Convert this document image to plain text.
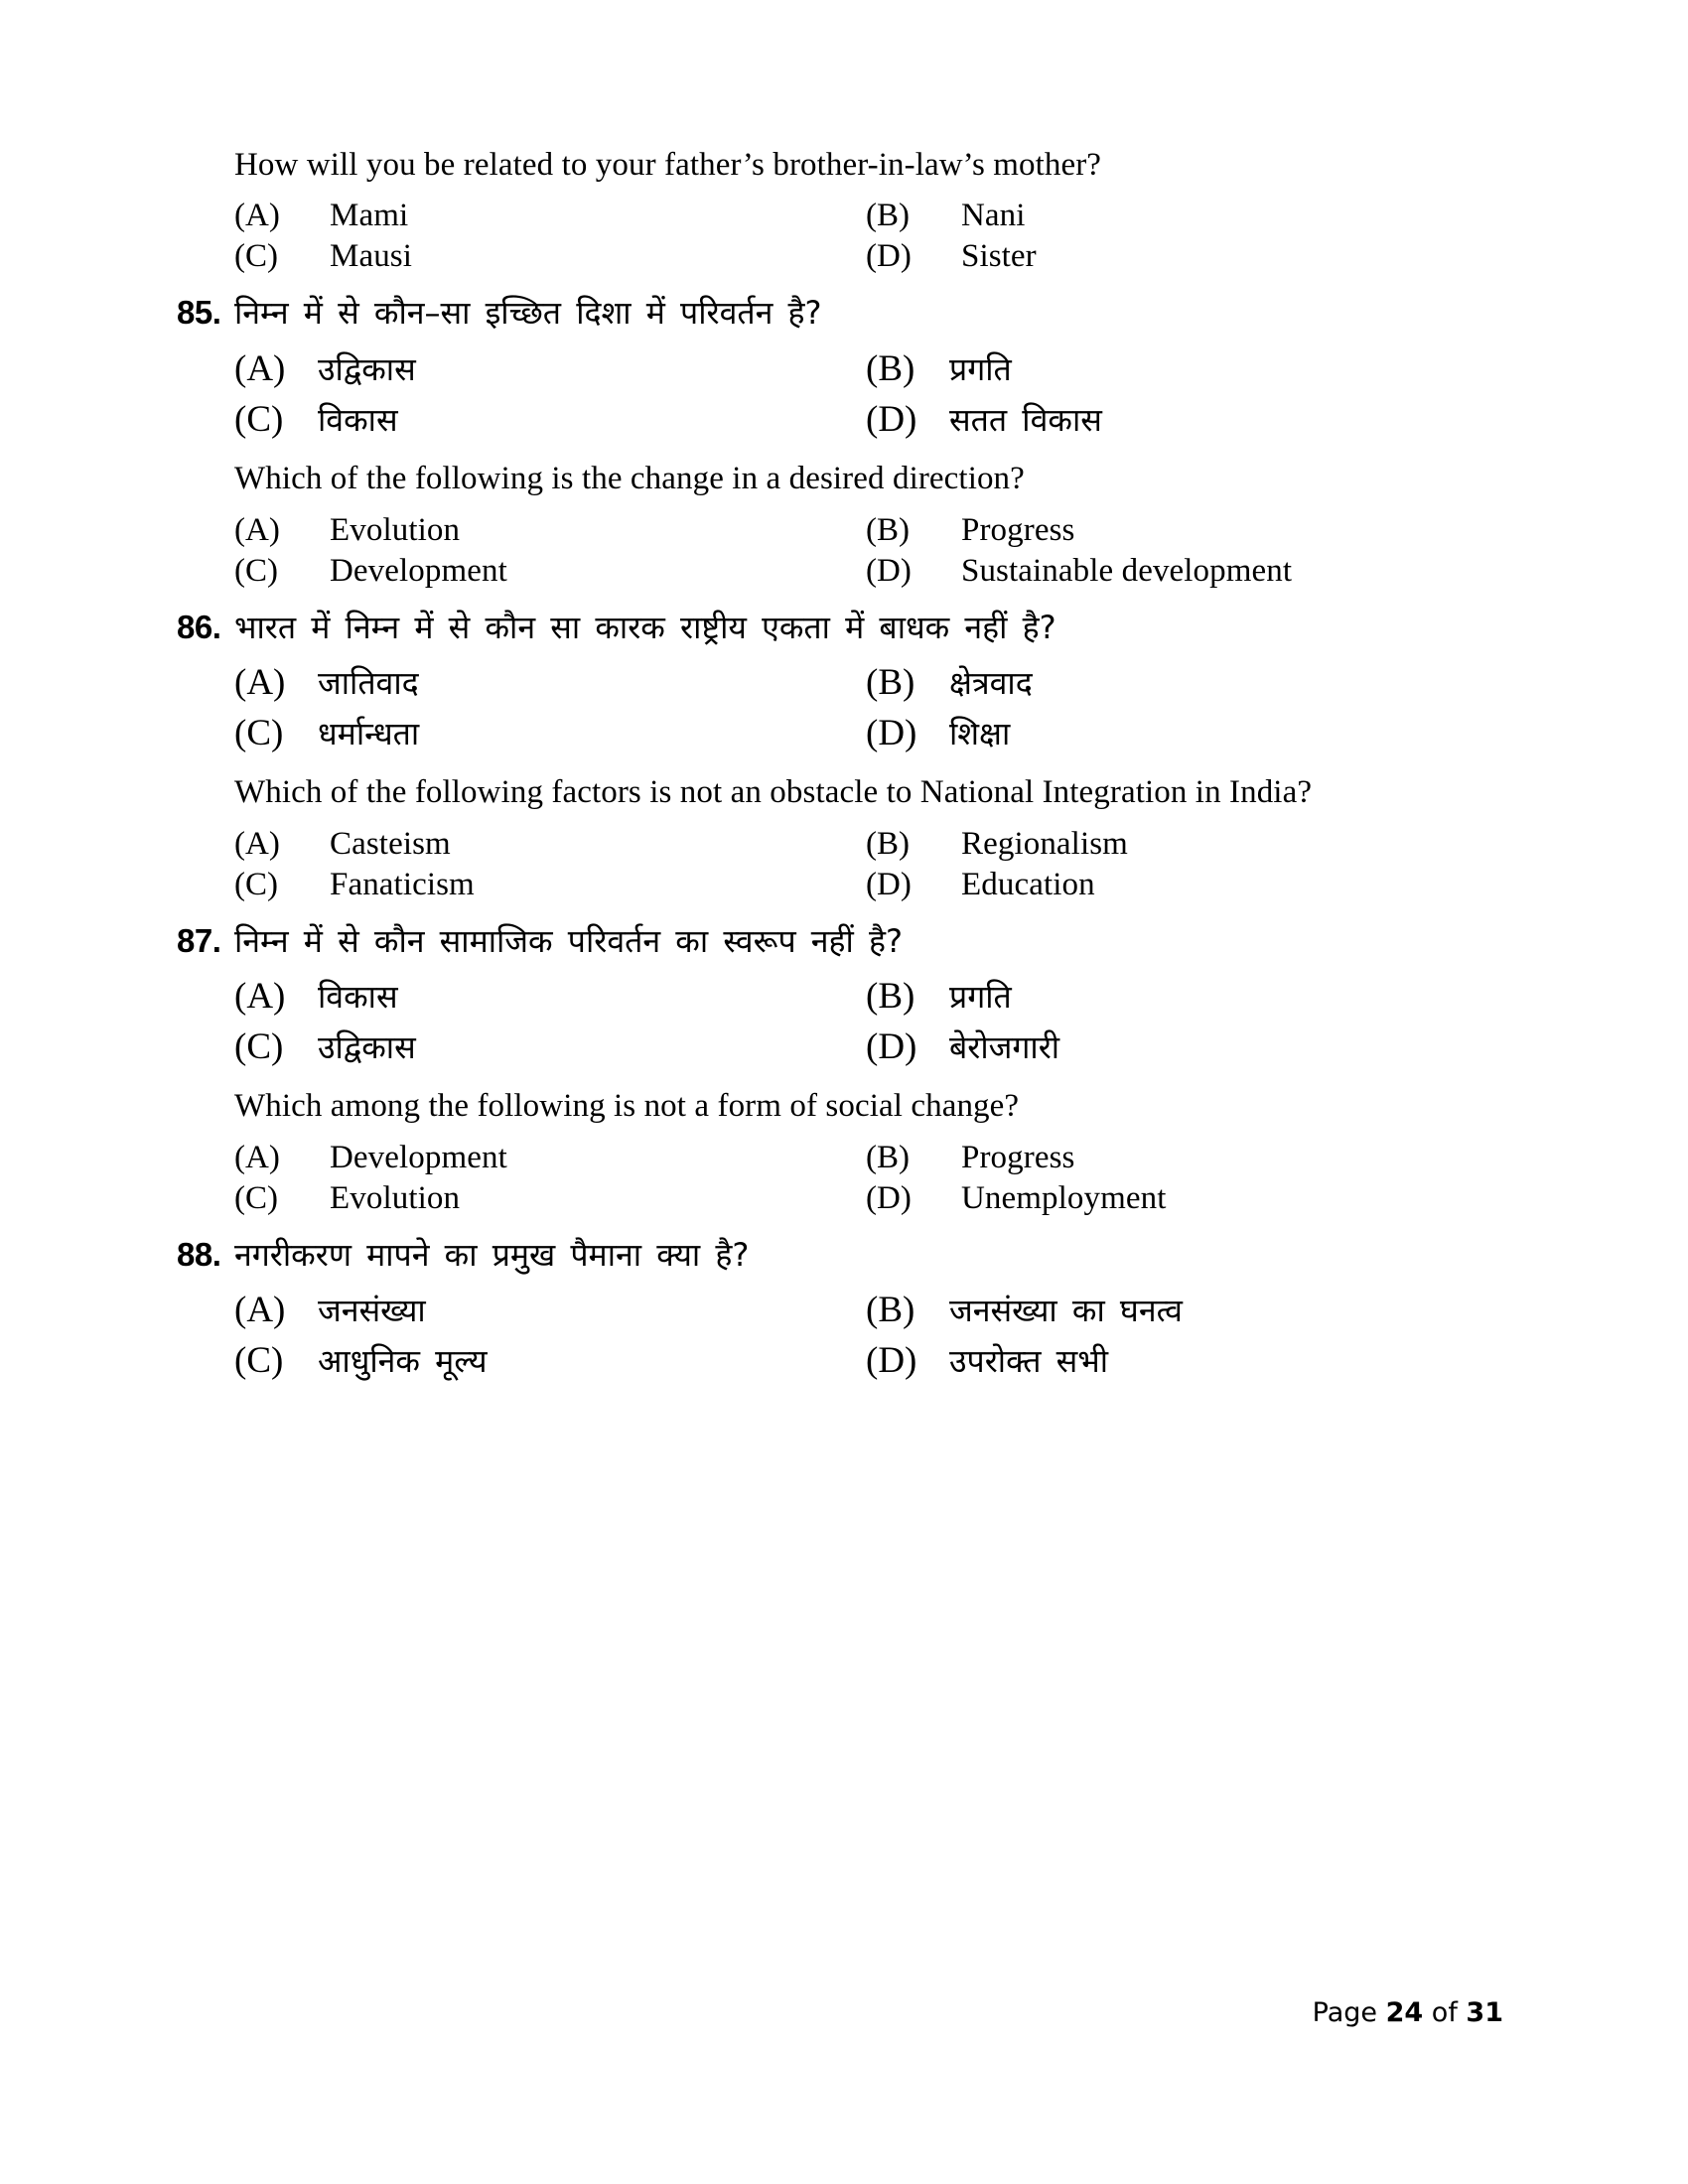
How will you be related to your father’s brother-in-law’s mother?
(A)	Mami	(B)	Nani
(C)	Mausi	(D)	Sister
85. निम्न में से कौन–सा इच्छित दिशा में परिवर्तन है?
(A)	उद्विकास	(B)	प्रगति
(C)	विकास	(D)	सतत विकास
Which of the following is the change in a desired direction?
(A)	Evolution	(B)	Progress
(C)	Development	(D)	Sustainable development
86. भारत में निम्न में से कौन सा कारक राष्ट्रीय एकता में बाधक नहीं है?
(A)	जातिवाद	(B)	क्षेत्रवाद
(C)	धर्मान्धता	(D)	शिक्षा
Which of the following factors is not an obstacle to National Integration in India?
(A)	Casteism	(B)	Regionalism
(C)	Fanaticism	(D)	Education
87. निम्न में से कौन सामाजिक परिवर्तन का स्वरूप नहीं है?
(A)	विकास	(B)	प्रगति
(C)	उद्विकास	(D)	बेरोजगारी
Which among the following is not a form of social change?
(A)	Development	(B)	Progress
(C)	Evolution	(D)	Unemployment
88. नगरीकरण मापने का प्रमुख पैमाना क्या है?
(A)	जनसंख्या	(B)	जनसंख्या का घनत्व
(C)	आधुनिक मूल्य	(D)	उपरोक्त सभी
Page 24 of 31
